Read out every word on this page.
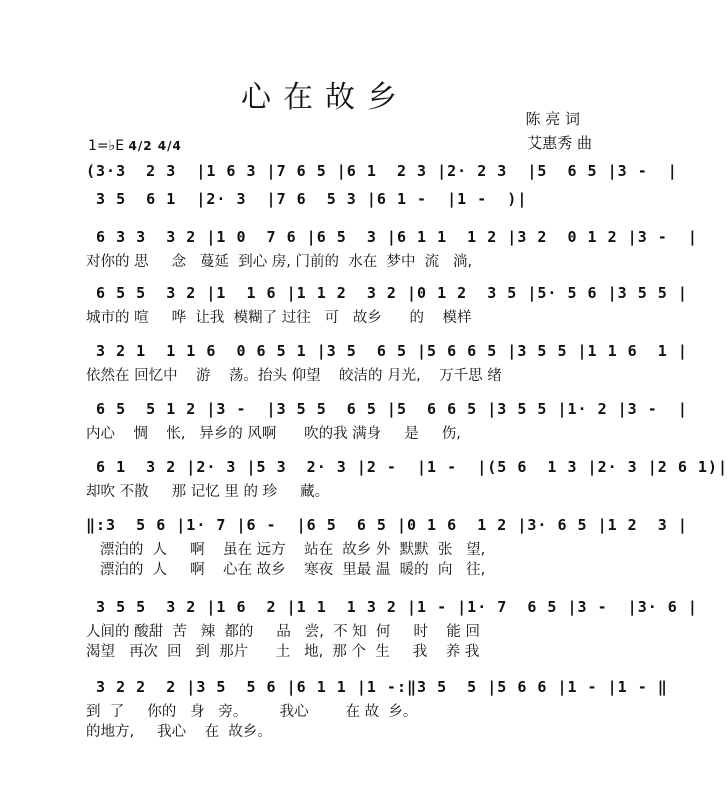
心在故乡
陈 亮 词
艾惠秀 曲
1=♭E 4/2 4/4
(3·3  2 3  |1 6 3 |7 6 5 |6 1  2 3 |2· 2 3  |5  6 5 |3 -  |
3 5  6 1  |2· 3  |7 6  5 3 |6 1 -  |1 -  )|
6 3 3  3 2 |1 0  7 6 |6 5  3 |6 1 1  1 2 |3 2  0 1 2 |3 -  |
对你的 思     念   蔓延  到心 房, 门前的  水在  梦中  流   淌,
6 5 5  3 2 |1  1 6 |1 1 2  3 2 |0 1 2  3 5 |5· 5 6 |3 5 5 |
城市的 喧     哗  让我  模糊了 过往   可   故乡      的    模样
3 2 1  1 1 6  0 6 5 1 |3 5  6 5 |5 6 6 5 |3 5 5 |1 1 6  1 |
依然在 回忆中    游    荡。抬头 仰望    皎洁的 月光,    万千思 绪
6 5  5 1 2 |3 -  |3 5 5  6 5 |5  6 6 5 |3 5 5 |1· 2 |3 -  |
内心    惆    怅,   异乡的 风啊      吹的我 满身     是     伤,
6 1  3 2 |2· 3 |5 3  2· 3 |2 -  |1 -  |(5 6  1 3 |2· 3 |2 6 1)|
却吹 不散     那 记忆 里 的 珍     藏。
‖:3  5 6 |1· 7 |6 -  |6 5  6 5 |0 1 6  1 2 |3· 6 5 |1 2  3 |
漂泊的  人     啊    虽在 远方    站在  故乡 外  默默  张   望,
漂泊的  人     啊    心在 故乡    寒夜  里最 温  暖的  向   往,
3 5 5  3 2 |1 6  2 |1 1  1 3 2 |1 - |1· 7  6 5 |3 -  |3· 6 |
人间的 酸甜  苦   辣  都的     品   尝,  不 知  何     时    能 回
渴望   再次  回   到  那片      土   地,  那 个  生     我    养 我
3 2 2  2 |3 5  5 6 |6 1 1 |1 -:‖3 5  5 |5 6 6 |1 - |1 - ‖
到  了     你的   身   旁。       我心        在 故  乡。
的地方,     我心    在  故乡。
